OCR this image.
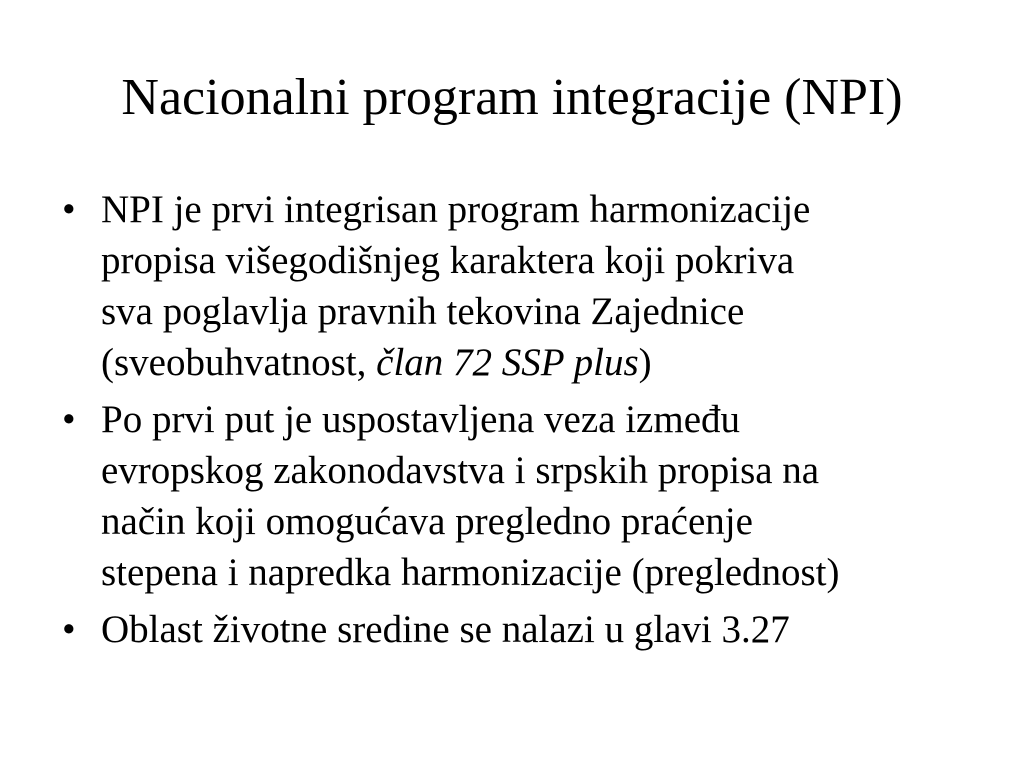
Nacionalni program integracije (NPI)
• NPI je prvi integrisan program harmonizacije
propisa višegodišnjeg karaktera koji pokriva
sva poglavlja pravnih tekovina Zajednice
(sveobuhvatnost, član 72 SSP plus)
• Po prvi put je uspostavljena veza između
evropskog zakonodavstva i srpskih propisa na
način koji omogućava pregledno praćenje
stepena i napredka harmonizacije (preglednost)
• Oblast životne sredine se nalazi u glavi 3.27
